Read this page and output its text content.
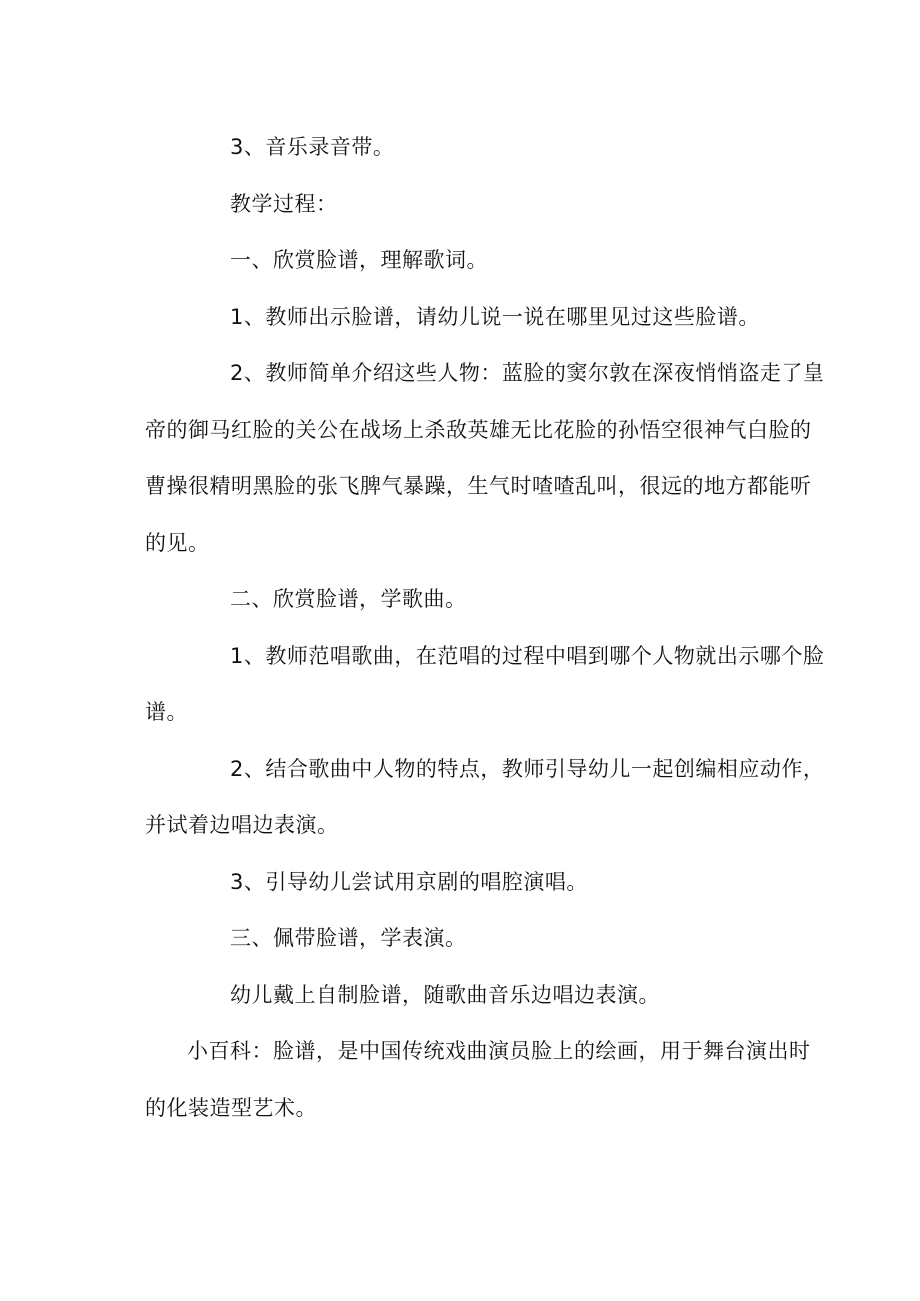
3、音乐录音带。
教学过程：
一、欣赏脸谱，理解歌词。
1、教师出示脸谱，请幼儿说一说在哪里见过这些脸谱。
2、教师简单介绍这些人物：蓝脸的窦尔敦在深夜悄悄盗走了皇
帝的御马红脸的关公在战场上杀敌英雄无比花脸的孙悟空很神气白脸的
曹操很精明黑脸的张飞脾气暴躁，生气时喳喳乱叫，很远的地方都能听
的见。
二、欣赏脸谱，学歌曲。
1、教师范唱歌曲，在范唱的过程中唱到哪个人物就出示哪个脸
谱。
2、结合歌曲中人物的特点，教师引导幼儿一起创编相应动作，
并试着边唱边表演。
3、引导幼儿尝试用京剧的唱腔演唱。
三、佩带脸谱，学表演。
幼儿戴上自制脸谱，随歌曲音乐边唱边表演。
小百科：脸谱，是中国传统戏曲演员脸上的绘画，用于舞台演出时
的化装造型艺术。
